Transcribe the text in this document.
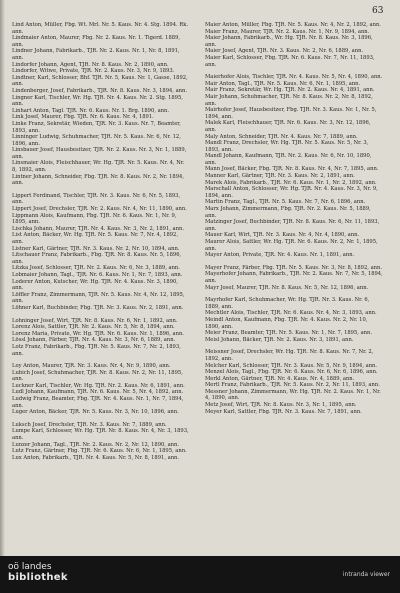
63
Lind Anton, Müller, Fbg. Wt. Mrl. Nr. 5. Kaus. Nr. 4. Stg. 1894. Rk. ann.
Lindmaier Anton, Maurer, Fbg. Nr. 2. Kaus. Nr. 1. Tigerd. 1889, ann.
Lindner Johann, Fabrikarb., TJR. Nr. 2. Kaus. Nr. 1, Nr. 8, 1891, ann.
Lindorfer Johann, Agent, TJR. Nr. 8. Kaus. Nr. 2, 1890, ann.
Lindorfer, Witwe, Private, TJR. Nr. 2. Kaus. Nr. 3, Nr. 9, 1893.
Lindtner, Karl, Schlosser, Bhf. TJR. Nr. 5, Kaus. Nr. 1, Gasse, 1892, ann.
Lindenberger, Josef, Fabrikarb., TJR. Nr. 8. Kaus. Nr. 3, 1894, ann.
Lingner Karl, Tischler, Wr. Hg. TJR. Nr. 4. Kaus. Nr. 2. Stg. 1895, ann.
Linhart Anton, Tagl. TJR. Nr. 6. Kaus. Nr. 1. Brg. 1890, ann.
Link Josef, Maurer, Fbg. TJR. Nr. 6. Kaus. Nr. 4, 1891.
Linke Franz, Sekretär, Wieden, TJR. Nr. 3. Kaus. Nr. 7, Beamter, 1893, ann.
Linninger Ludwig, Schuhmacher, TJR. Nr. 5. Kaus. Nr. 6, Nr. 12, 1896, ann.
Linsbauer Josef, Hausbesitzer, TJR. Nr. 2. Kaus. Nr. 3, Nr. 1, 1889, ann.
Linsmaier Alois, Fleischhauer, Wr. Hg. TJR. Nr. 5. Kaus. Nr. 4, Nr. 8, 1892, ann.
Lintner Johann, Schneider, Fbg. TJR. Nr. 8. Kaus. Nr. 2, Nr. 1894, ann.
Lippert Ferdinand, Tischler, TJR. Nr. 3. Kaus. Nr. 6, Nr. 5, 1893, ann.
Lippert Josef, Drechsler, TJR. Nr. 2. Kaus. Nr. 4, Nr. 11, 1890, ann.
Lippmann Alois, Kaufmann, Fbg. TJR. Nr. 6. Kaus. Nr. 1, Nr. 9, 1895, ann.
Lischka Johann, Maurer, TJR. Nr. 4. Kaus. Nr. 3, Nr. 2, 1891, ann.
List Anton, Bäcker, Wr. Hg. TJR. Nr. 5. Kaus. Nr. 7, Nr. 4, 1892, ann.
Listner Karl, Gärtner, TJR. Nr. 3. Kaus. Nr. 2, Nr. 10, 1894, ann.
Litschauer Franz, Fabrikarb., Fbg. TJR. Nr. 8. Kaus. Nr. 5, 1896, ann.
Litzka Josef, Schlosser, TJR. Nr. 2. Kaus. Nr. 6, Nr. 3, 1889, ann.
Lobmaier Johann, Tagl., TJR. Nr. 6. Kaus. Nr. 1, Nr. 7, 1893, ann.
Loderer Anton, Kutscher, Wr. Hg. TJR. Nr. 4. Kaus. Nr. 3, 1890, ann.
Löffler Franz, Zimmermann, TJR. Nr. 5. Kaus. Nr. 4, Nr. 12, 1895, ann.
Löhner Karl, Buchbinder, Fbg. TJR. Nr. 3. Kaus. Nr. 2, 1891, ann.
Lohninger Josef, Wirt, TJR. Nr. 8. Kaus. Nr. 6, Nr. 1, 1892, ann.
Lorenz Alois, Sattler, TJR. Nr. 2. Kaus. Nr. 5, Nr. 8, 1894, ann.
Lorenz Maria, Private, Wr. Hg. TJR. Nr. 6. Kaus. Nr. 1, 1896, ann.
Lössl Johann, Färber, TJR. Nr. 4. Kaus. Nr. 3, Nr. 6, 1889, ann.
Lotz Franz, Fabrikarb., Fbg. TJR. Nr. 5. Kaus. Nr. 7, Nr. 2, 1893, ann.
Loy Anton, Maurer, TJR. Nr. 3. Kaus. Nr. 4, Nr. 9, 1890, ann.
Lubich Josef, Schuhmacher, TJR. Nr. 8. Kaus. Nr. 2, Nr. 11, 1895, ann.
Luckner Karl, Tischler, Wr. Hg. TJR. Nr. 2. Kaus. Nr. 6, 1891, ann.
Ludl Johann, Kaufmann, TJR. Nr. 6. Kaus. Nr. 5, Nr. 4, 1892, ann.
Ludwig Franz, Beamter, Fbg. TJR. Nr. 4. Kaus. Nr. 1, Nr. 7, 1894, ann.
Luger Anton, Bäcker, TJR. Nr. 5. Kaus. Nr. 3, Nr. 10, 1896, ann.
Luksch Josef, Drechsler, TJR. Nr. 3. Kaus. Nr. 7, 1889, ann.
Lumpe Karl, Schlosser, Wr. Hg. TJR. Nr. 8. Kaus. Nr. 4, Nr. 3, 1893, ann.
Lunzer Johann, Tagl., TJR. Nr. 2. Kaus. Nr. 2, Nr. 12, 1890, ann.
Lutz Franz, Gärtner, Fbg. TJR. Nr. 6. Kaus. Nr. 6, Nr. 1, 1895, ann.
Lux Anton, Fabrikarb., TJR. Nr. 4. Kaus. Nr. 5, Nr. 8, 1891, ann.
Maier Anton, Müller, Fbg. TJR. Nr. 5. Kaus. Nr. 4, Nr. 2, 1892, ann.
Maier Franz, Maurer, TJR. Nr. 2. Kaus. Nr. 1, Nr. 9, 1894, ann.
Maier Johann, Fabrikarb., Wr. Hg. TJR. Nr. 8. Kaus. Nr. 3, 1896, ann.
Maier Josef, Agent, TJR. Nr. 3. Kaus. Nr. 2, Nr. 6, 1889, ann.
Maier Karl, Schlosser, Fbg. TJR. Nr. 6. Kaus. Nr. 7, Nr. 11, 1893, ann.
Maierhofer Alois, Tischler, TJR. Nr. 4. Kaus. Nr. 5, Nr. 4, 1890, ann.
Mair Anton, Tagl., TJR. Nr. 5. Kaus. Nr. 6, Nr. 1, 1895, ann.
Mair Franz, Sekretär, Wr. Hg. TJR. Nr. 2. Kaus. Nr. 4, 1891, ann.
Mair Johann, Schuhmacher, TJR. Nr. 8. Kaus. Nr. 2, Nr. 8, 1892, ann.
Mairhofer Josef, Hausbesitzer, Fbg. TJR. Nr. 3. Kaus. Nr. 1, Nr. 5, 1894, ann.
Malek Karl, Fleischhauer, TJR. Nr. 6. Kaus. Nr. 3, Nr. 12, 1896, ann.
Maly Anton, Schneider, TJR. Nr. 4. Kaus. Nr. 7, 1889, ann.
Mandl Franz, Drechsler, Wr. Hg. TJR. Nr. 5. Kaus. Nr. 5, Nr. 3, 1893, ann.
Mandl Johann, Kaufmann, TJR. Nr. 2. Kaus. Nr. 6, Nr. 10, 1890, ann.
Mann Josef, Bäcker, Fbg. TJR. Nr. 8. Kaus. Nr. 4, Nr. 7, 1895, ann.
Manner Karl, Gärtner, TJR. Nr. 3. Kaus. Nr. 2, 1891, ann.
Marek Alois, Fabrikarb., TJR. Nr. 6. Kaus. Nr. 1, Nr. 2, 1892, ann.
Marschall Anton, Schlosser, Wr. Hg. TJR. Nr. 4. Kaus. Nr. 3, Nr. 9, 1894, ann.
Martin Franz, Tagl., TJR. Nr. 5. Kaus. Nr. 7, Nr. 6, 1896, ann.
Marx Johann, Zimmermann, Fbg. TJR. Nr. 2. Kaus. Nr. 5, 1889, ann.
Matzinger Josef, Buchbinder, TJR. Nr. 8. Kaus. Nr. 6, Nr. 11, 1893, ann.
Mauer Karl, Wirt, TJR. Nr. 3. Kaus. Nr. 4, Nr. 4, 1890, ann.
Maurer Alois, Sattler, Wr. Hg. TJR. Nr. 6. Kaus. Nr. 2, Nr. 1, 1895, ann.
Mayer Anton, Private, TJR. Nr. 4. Kaus. Nr. 1, 1891, ann.
Mayer Franz, Färber, Fbg. TJR. Nr. 5. Kaus. Nr. 3, Nr. 8, 1892, ann.
Mayerhofer Johann, Fabrikarb., TJR. Nr. 2. Kaus. Nr. 7, Nr. 5, 1894, ann.
Mayr Josef, Maurer, TJR. Nr. 8. Kaus. Nr. 5, Nr. 12, 1896, ann.
Mayrhofer Karl, Schuhmacher, Wr. Hg. TJR. Nr. 3. Kaus. Nr. 6, 1889, ann.
Mechtler Alois, Tischler, TJR. Nr. 6. Kaus. Nr. 4, Nr. 3, 1893, ann.
Meindl Anton, Kaufmann, Fbg. TJR. Nr. 4. Kaus. Nr. 2, Nr. 10, 1890, ann.
Meier Franz, Beamter, TJR. Nr. 5. Kaus. Nr. 1, Nr. 7, 1895, ann.
Meisl Johann, Bäcker, TJR. Nr. 2. Kaus. Nr. 3, 1891, ann.
Meissner Josef, Drechsler, Wr. Hg. TJR. Nr. 8. Kaus. Nr. 7, Nr. 2, 1892, ann.
Melcher Karl, Schlosser, TJR. Nr. 3. Kaus. Nr. 5, Nr. 9, 1894, ann.
Menzel Alois, Tagl., Fbg. TJR. Nr. 6. Kaus. Nr. 6, Nr. 6, 1896, ann.
Merkl Anton, Gärtner, TJR. Nr. 4. Kaus. Nr. 4, 1889, ann.
Mertl Franz, Fabrikarb., TJR. Nr. 5. Kaus. Nr. 2, Nr. 11, 1893, ann.
Messner Johann, Zimmermann, Wr. Hg. TJR. Nr. 2. Kaus. Nr. 1, Nr. 4, 1890, ann.
Metz Josef, Wirt, TJR. Nr. 8. Kaus. Nr. 3, Nr. 1, 1895, ann.
Meyer Karl, Sattler, Fbg. TJR. Nr. 3. Kaus. Nr. 7, 1891, ann.
oö landes
bibliothek	intranda viewer
